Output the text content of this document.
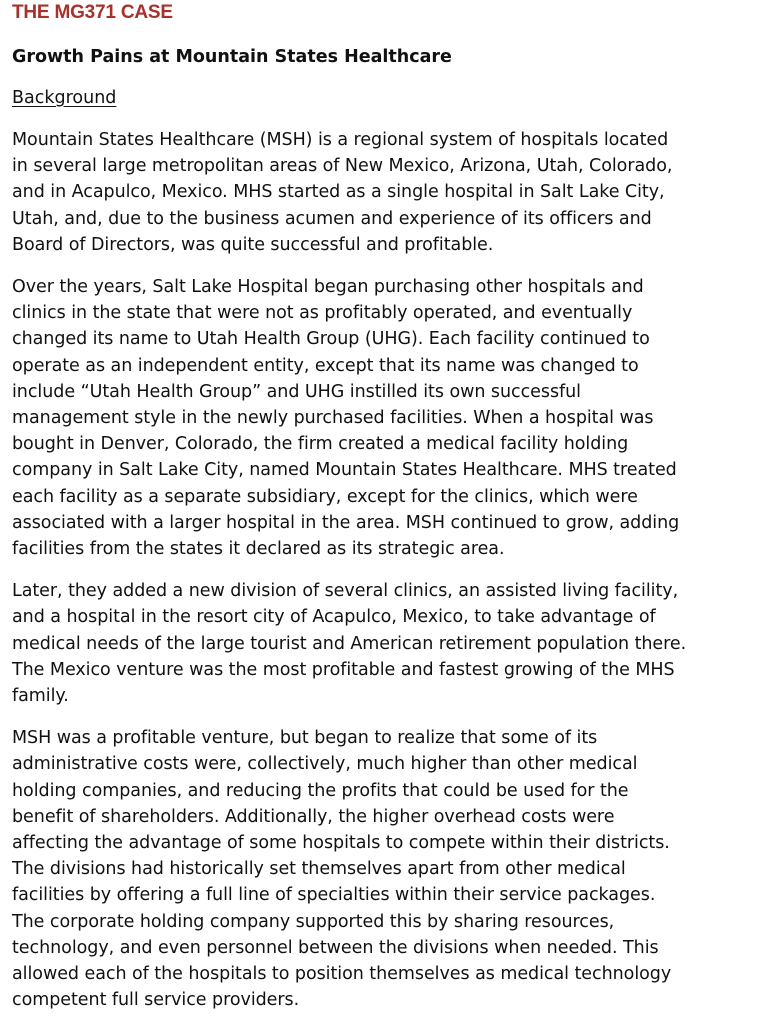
THE MG371 CASE
Growth Pains at Mountain States Healthcare
Background

Mountain States Healthcare (MSH) is a regional system of hospitals located
in several large metropolitan areas of New Mexico, Arizona, Utah, Colorado,
and in Acapulco, Mexico. MHS started as a single hospital in Salt Lake City,
Utah, and, due to the business acumen and experience of its officers and
Board of Directors, was quite successful and profitable.

Over the years, Salt Lake Hospital began purchasing other hospitals and
clinics in the state that were not as profitably operated, and eventually
changed its name to Utah Health Group (UHG). Each facility continued to
operate as an independent entity, except that its name was changed to
include “Utah Health Group” and UHG instilled its own successful
management style in the newly purchased facilities. When a hospital was
bought in Denver, Colorado, the firm created a medical facility holding
company in Salt Lake City, named Mountain States Healthcare. MHS treated
each facility as a separate subsidiary, except for the clinics, which were
associated with a larger hospital in the area. MSH continued to grow, adding
facilities from the states it declared as its strategic area.

Later, they added a new division of several clinics, an assisted living facility,
and a hospital in the resort city of Acapulco, Mexico, to take advantage of
medical needs of the large tourist and American retirement population there.
The Mexico venture was the most profitable and fastest growing of the MHS
family.

MSH was a profitable venture, but began to realize that some of its
administrative costs were, collectively, much higher than other medical
holding companies, and reducing the profits that could be used for the
benefit of shareholders. Additionally, the higher overhead costs were
affecting the advantage of some hospitals to compete within their districts.
The divisions had historically set themselves apart from other medical
facilities by offering a full line of specialties within their service packages.
The corporate holding company supported this by sharing resources,
technology, and even personnel between the divisions when needed. This
allowed each of the hospitals to position themselves as medical technology
competent full service providers.
